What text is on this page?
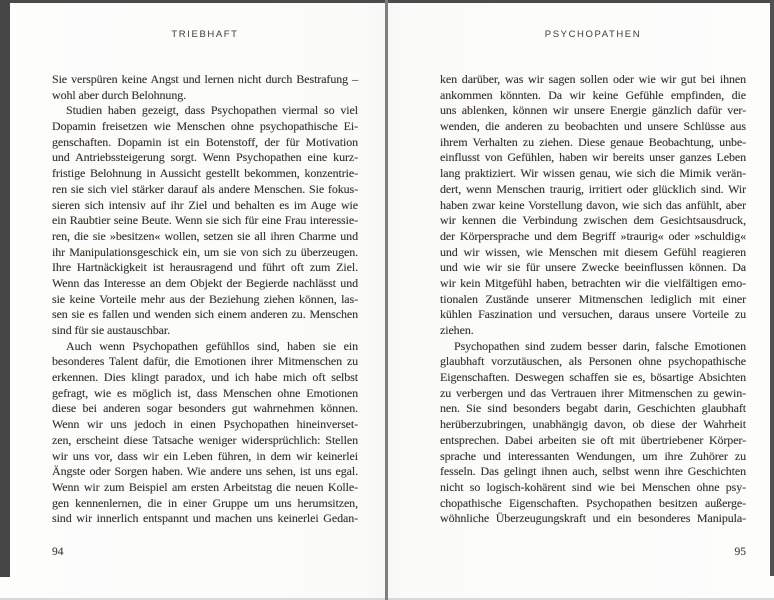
TRIEBHAFT
Sie verspüren keine Angst und lernen nicht durch Bestrafung –
wohl aber durch Belohnung.
Studien haben gezeigt, dass Psychopathen viermal so viel
Dopamin freisetzen wie Menschen ohne psychopathische Ei-
genschaften. Dopamin ist ein Botenstoff, der für Motivation
und Antriebssteigerung sorgt. Wenn Psychopathen eine kurz-
fristige Belohnung in Aussicht gestellt bekommen, konzentrie-
ren sie sich viel stärker darauf als andere Menschen. Sie fokus-
sieren sich intensiv auf ihr Ziel und behalten es im Auge wie
ein Raubtier seine Beute. Wenn sie sich für eine Frau interessie-
ren, die sie »besitzen« wollen, setzen sie all ihren Charme und
ihr Manipulationsgeschick ein, um sie von sich zu überzeugen.
Ihre Hartnäckigkeit ist herausragend und führt oft zum Ziel.
Wenn das Interesse an dem Objekt der Begierde nachlässt und
sie keine Vorteile mehr aus der Beziehung ziehen können, las-
sen sie es fallen und wenden sich einem anderen zu. Menschen
sind für sie austauschbar.
Auch wenn Psychopathen gefühllos sind, haben sie ein
besonderes Talent dafür, die Emotionen ihrer Mitmenschen zu
erkennen. Dies klingt paradox, und ich habe mich oft selbst
gefragt, wie es möglich ist, dass Menschen ohne Emotionen
diese bei anderen sogar besonders gut wahrnehmen können.
Wenn wir uns jedoch in einen Psychopathen hineinverset-
zen, erscheint diese Tatsache weniger widersprüchlich: Stellen
wir uns vor, dass wir ein Leben führen, in dem wir keinerlei
Ängste oder Sorgen haben. Wie andere uns sehen, ist uns egal.
Wenn wir zum Beispiel am ersten Arbeitstag die neuen Kolle-
gen kennenlernen, die in einer Gruppe um uns herumsitzen,
sind wir innerlich entspannt und machen uns keinerlei Gedan-
94
PSYCHOPATHEN
ken darüber, was wir sagen sollen oder wie wir gut bei ihnen
ankommen könnten. Da wir keine Gefühle empfinden, die
uns ablenken, können wir unsere Energie gänzlich dafür ver-
wenden, die anderen zu beobachten und unsere Schlüsse aus
ihrem Verhalten zu ziehen. Diese genaue Beobachtung, unbe-
einflusst von Gefühlen, haben wir bereits unser ganzes Leben
lang praktiziert. Wir wissen genau, wie sich die Mimik verän-
dert, wenn Menschen traurig, irritiert oder glücklich sind. Wir
haben zwar keine Vorstellung davon, wie sich das anfühlt, aber
wir kennen die Verbindung zwischen dem Gesichtsausdruck,
der Körpersprache und dem Begriff »traurig« oder »schuldig«
und wir wissen, wie Menschen mit diesem Gefühl reagieren
und wie wir sie für unsere Zwecke beeinflussen können. Da
wir kein Mitgefühl haben, betrachten wir die vielfältigen emo-
tionalen Zustände unserer Mitmenschen lediglich mit einer
kühlen Faszination und versuchen, daraus unsere Vorteile zu
ziehen.
Psychopathen sind zudem besser darin, falsche Emotionen
glaubhaft vorzutäuschen, als Personen ohne psychopathische
Eigenschaften. Deswegen schaffen sie es, bösartige Absichten
zu verbergen und das Vertrauen ihrer Mitmenschen zu gewin-
nen. Sie sind besonders begabt darin, Geschichten glaubhaft
herüberzubringen, unabhängig davon, ob diese der Wahrheit
entsprechen. Dabei arbeiten sie oft mit übertriebener Körper-
sprache und interessanten Wendungen, um ihre Zuhörer zu
fesseln. Das gelingt ihnen auch, selbst wenn ihre Geschichten
nicht so logisch-kohärent sind wie bei Menschen ohne psy-
chopathische Eigenschaften. Psychopathen besitzen außerge-
wöhnliche Überzeugungskraft und ein besonderes Manipula-
95
